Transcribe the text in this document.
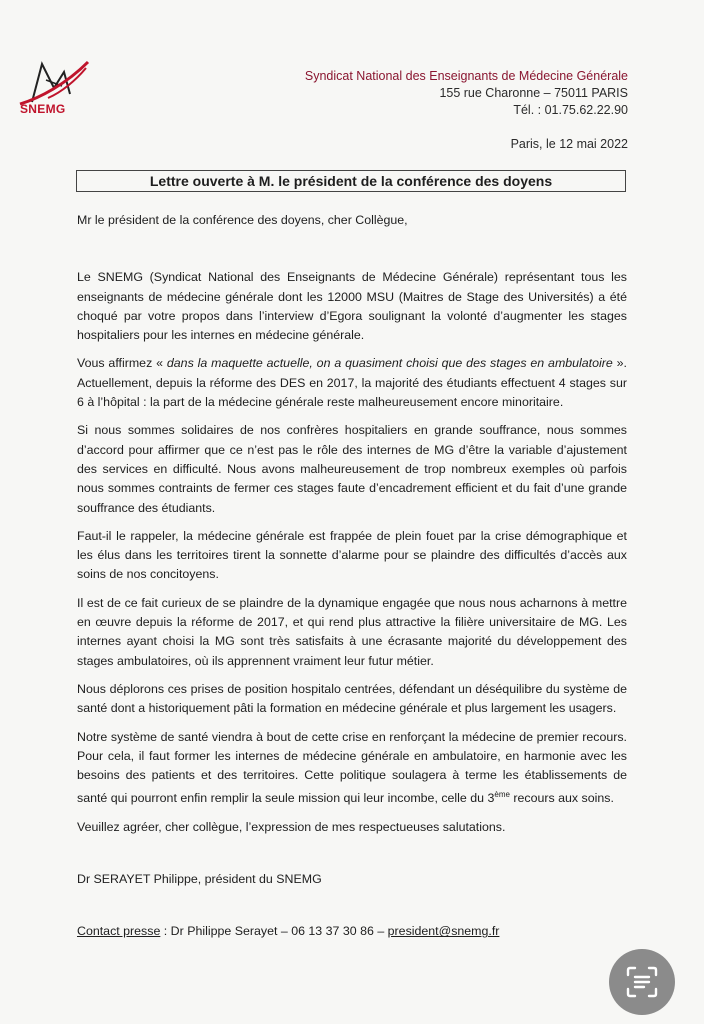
SNEMG
Syndicat National des Enseignants de Médecine Générale
155 rue Charonne – 75011 PARIS
Tél. : 01.75.62.22.90
Paris, le 12 mai 2022
Lettre ouverte à M. le président de la conférence des doyens

Mr le président de la conférence des doyens, cher Collègue,

Le SNEMG (Syndicat National des Enseignants de Médecine Générale) représentant tous les enseignants de médecine générale dont les 12000 MSU (Maitres de Stage des Universités) a été choqué par votre propos dans l’interview d’Egora soulignant la volonté d’augmenter les stages hospitaliers pour les internes en médecine générale.

Vous affirmez « dans la maquette actuelle, on a quasiment choisi que des stages en ambulatoire ». Actuellement, depuis la réforme des DES en 2017, la majorité des étudiants effectuent 4 stages sur 6 à l’hôpital : la part de la médecine générale reste malheureusement encore minoritaire.

Si nous sommes solidaires de nos confrères hospitaliers en grande souffrance, nous sommes d’accord pour affirmer que ce n’est pas le rôle des internes de MG d’être la variable d’ajustement des services en difficulté. Nous avons malheureusement de trop nombreux exemples où parfois nous sommes contraints de fermer ces stages faute d’encadrement efficient et du fait d’une grande souffrance des étudiants.

Faut-il le rappeler, la médecine générale est frappée de plein fouet par la crise démographique et les élus dans les territoires tirent la sonnette d’alarme pour se plaindre des difficultés d’accès aux soins de nos concitoyens.

Il est de ce fait curieux de se plaindre de la dynamique engagée que nous nous acharnons à mettre en œuvre depuis la réforme de 2017, et qui rend plus attractive la filière universitaire de MG. Les internes ayant choisi la MG sont très satisfaits à une écrasante majorité du développement des stages ambulatoires, où ils apprennent vraiment leur futur métier.

Nous déplorons ces prises de position hospitalo centrées, défendant un déséquilibre du système de santé dont a historiquement pâti la formation en médecine générale et plus largement les usagers.

Notre système de santé viendra à bout de cette crise en renforçant la médecine de premier recours. Pour cela, il faut former les internes de médecine générale en ambulatoire, en harmonie avec les besoins des patients et des territoires. Cette politique soulagera à terme les établissements de santé qui pourront enfin remplir la seule mission qui leur incombe, celle du 3ème recours aux soins.

Veuillez agréer, cher collègue, l’expression de mes respectueuses salutations.

Dr SERAYET Philippe, président du SNEMG

Contact presse : Dr Philippe Serayet – 06 13 37 30 86 – president@snemg.fr
